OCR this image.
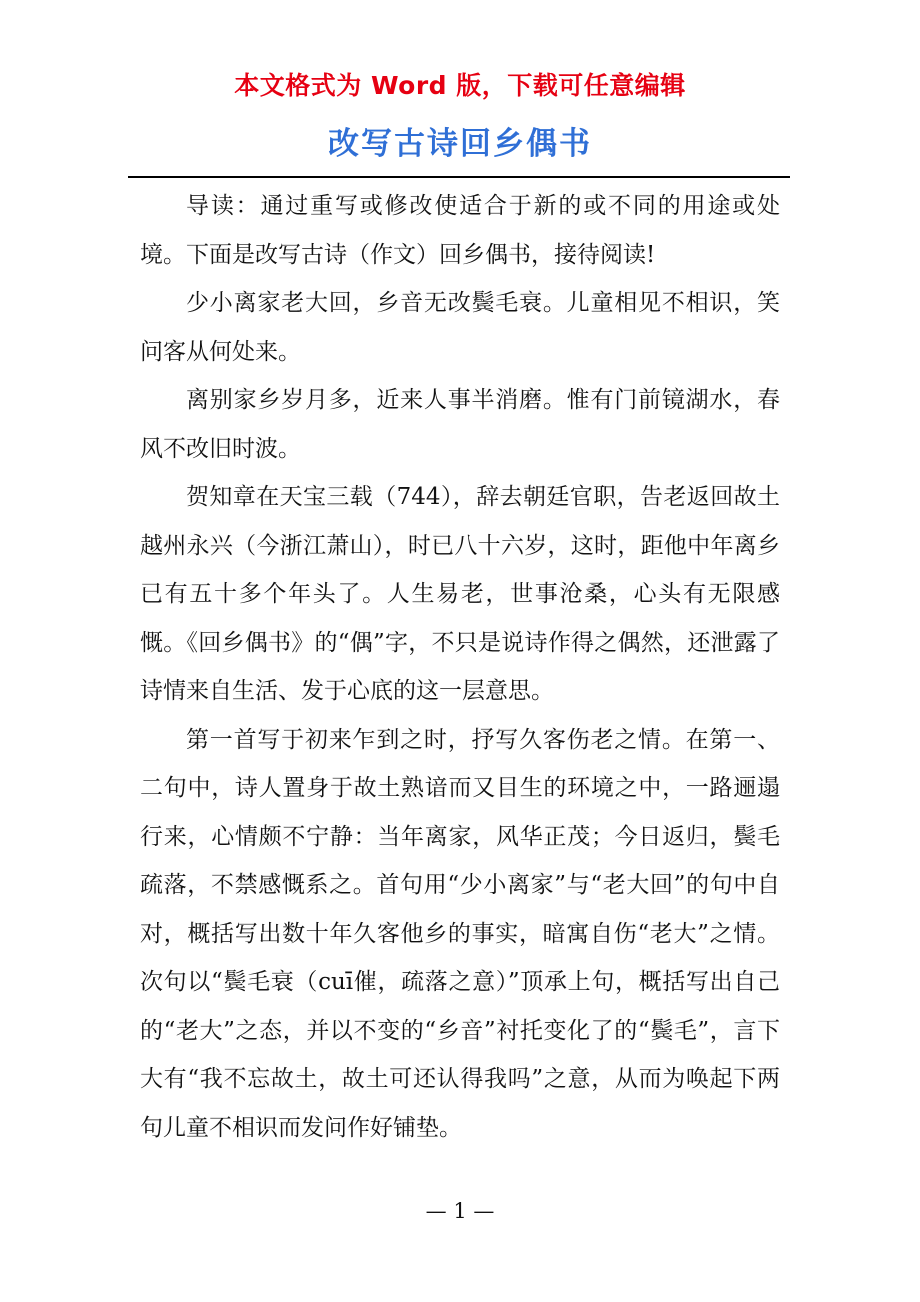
本文格式为 Word 版，下载可任意编辑
改写古诗回乡偶书

导读：通过重写或修改使适合于新的或不同的用途或处境。下面是改写古诗（作文）回乡偶书，接待阅读!

少小离家老大回，乡音无改鬓毛衰。儿童相见不相识，笑问客从何处来。

离别家乡岁月多，近来人事半消磨。惟有门前镜湖水，春风不改旧时波。

贺知章在天宝三载（744），辞去朝廷官职，告老返回故土越州永兴（今浙江萧山），时已八十六岁，这时，距他中年离乡已有五十多个年头了。人生易老，世事沧桑，心头有无限感慨。《回乡偶书》的“偶”字，不只是说诗作得之偶然，还泄露了诗情来自生活、发于心底的这一层意思。

第一首写于初来乍到之时，抒写久客伤老之情。在第一、二句中，诗人置身于故土熟谙而又目生的环境之中，一路逦遢行来，心情颇不宁静：当年离家，风华正茂；今日返归，鬓毛疏落，不禁感慨系之。首句用“少小离家”与“老大回”的句中自对，概括写出数十年久客他乡的事实，暗寓自伤“老大”之情。次句以“鬓毛衰（cuī催，疏落之意）”顶承上句，概括写出自己的“老大”之态，并以不变的“乡音”衬托变化了的“鬓毛”，言下大有“我不忘故土，故土可还认得我吗”之意，从而为唤起下两句儿童不相识而发问作好铺垫。

— 1 —
